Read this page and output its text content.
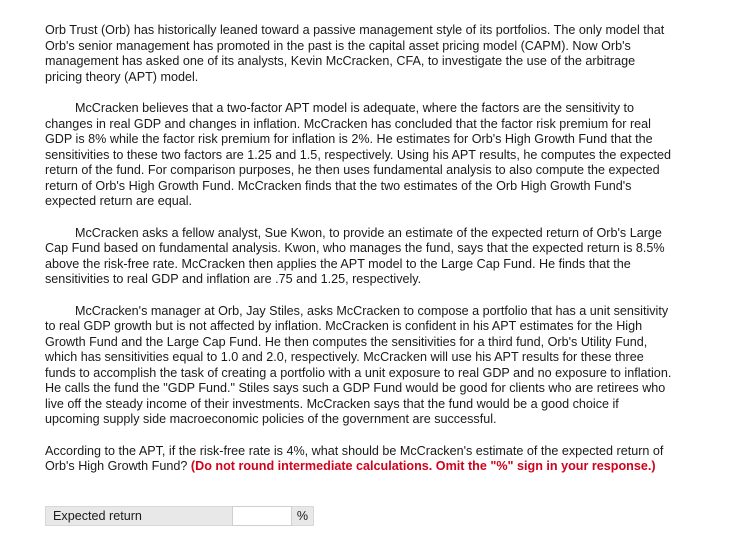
Orb Trust (Orb) has historically leaned toward a passive management style of its portfolios. The only model that Orb's senior management has promoted in the past is the capital asset pricing model (CAPM). Now Orb's management has asked one of its analysts, Kevin McCracken, CFA, to investigate the use of the arbitrage pricing theory (APT) model.

McCracken believes that a two-factor APT model is adequate, where the factors are the sensitivity to changes in real GDP and changes in inflation. McCracken has concluded that the factor risk premium for real GDP is 8% while the factor risk premium for inflation is 2%. He estimates for Orb's High Growth Fund that the sensitivities to these two factors are 1.25 and 1.5, respectively. Using his APT results, he computes the expected return of the fund. For comparison purposes, he then uses fundamental analysis to also compute the expected return of Orb's High Growth Fund. McCracken finds that the two estimates of the Orb High Growth Fund's expected return are equal.

McCracken asks a fellow analyst, Sue Kwon, to provide an estimate of the expected return of Orb's Large Cap Fund based on fundamental analysis. Kwon, who manages the fund, says that the expected return is 8.5% above the risk-free rate. McCracken then applies the APT model to the Large Cap Fund. He finds that the sensitivities to real GDP and inflation are .75 and 1.25, respectively.

McCracken's manager at Orb, Jay Stiles, asks McCracken to compose a portfolio that has a unit sensitivity to real GDP growth but is not affected by inflation. McCracken is confident in his APT estimates for the High Growth Fund and the Large Cap Fund. He then computes the sensitivities for a third fund, Orb's Utility Fund, which has sensitivities equal to 1.0 and 2.0, respectively. McCracken will use his APT results for these three funds to accomplish the task of creating a portfolio with a unit exposure to real GDP and no exposure to inflation. He calls the fund the "GDP Fund." Stiles says such a GDP Fund would be good for clients who are retirees who live off the steady income of their investments. McCracken says that the fund would be a good choice if upcoming supply side macroeconomic policies of the government are successful.

According to the APT, if the risk-free rate is 4%, what should be McCracken's estimate of the expected return of Orb's High Growth Fund? (Do not round intermediate calculations. Omit the "%" sign in your response.)

Expected return	%
